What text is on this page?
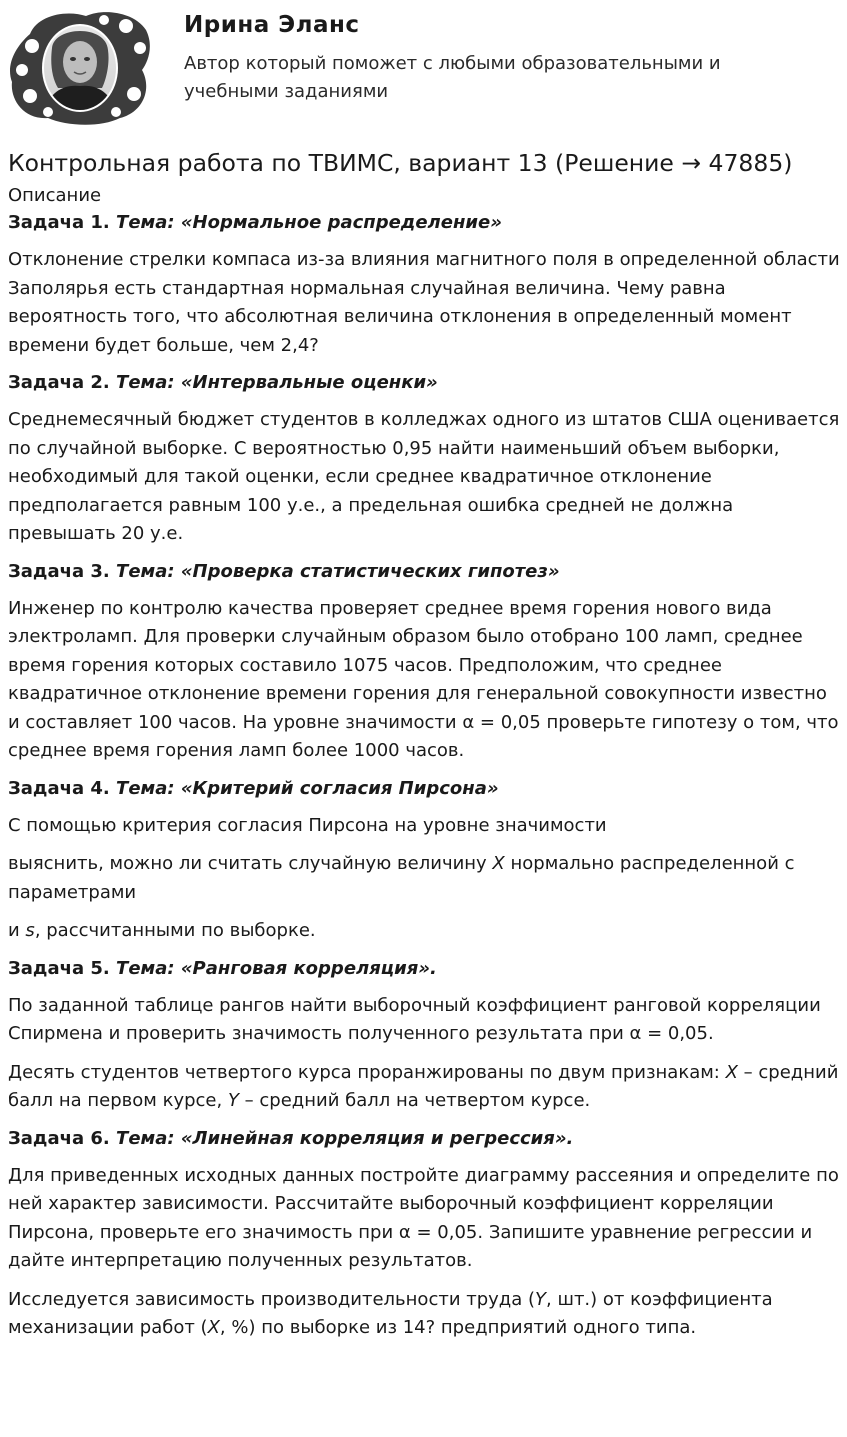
Ирина Эланс
Автор который поможет с любыми образовательными и учебными заданиями
Контрольная работа по ТВИМС, вариант 13 (Решение → 47885)
Описание
Задача 1. Тема: «Нормальное распределение»

Отклонение стрелки компаса из-за влияния магнитного поля в определенной области Заполярья есть стандартная нормальная случайная величина. Чему равна вероятность того, что абсолютная величина отклонения в определенный момент времени будет больше, чем 2,4?

Задача 2. Тема: «Интервальные оценки»

Среднемесячный бюджет студентов в колледжах одного из штатов США оценивается по случайной выборке. С вероятностью 0,95 найти наименьший объем выборки, необходимый для такой оценки, если среднее квадратичное отклонение предполагается равным 100 у.е., а предельная ошибка средней не должна превышать 20 у.е.

Задача 3. Тема: «Проверка статистических гипотез»

Инженер по контролю качества проверяет среднее время горения нового вида электроламп. Для проверки случайным образом было отобрано 100 ламп, среднее время горения которых составило 1075 часов. Предположим, что среднее квадратичное отклонение времени горения для генеральной совокупности известно и составляет 100 часов. На уровне значимости α = 0,05 проверьте гипотезу о том, что среднее время горения ламп более 1000 часов.

Задача 4. Тема: «Критерий согласия Пирсона»

С помощью критерия согласия Пирсона на уровне значимости

выяснить, можно ли считать случайную величину X нормально распределенной с параметрами

и s, рассчитанными по выборке.

Задача 5. Тема: «Ранговая корреляция».

По заданной таблице рангов найти выборочный коэффициент ранговой корреляции Спирмена и проверить значимость полученного результата при α = 0,05.

Десять студентов четвертого курса проранжированы по двум признакам: X – средний балл на первом курсе, Y – средний балл на четвертом курсе.

Задача 6. Тема: «Линейная корреляция и регрессия».

Для приведенных исходных данных постройте диаграмму рассеяния и определите по ней характер зависимости. Рассчитайте выборочный коэффициент корреляции Пирсона, проверьте его значимость при α = 0,05. Запишите уравнение регрессии и дайте интерпретацию полученных результатов.

Исследуется зависимость производительности труда (Y, шт.) от коэффициента механизации работ (X, %) по выборке из 14? предприятий одного типа.
